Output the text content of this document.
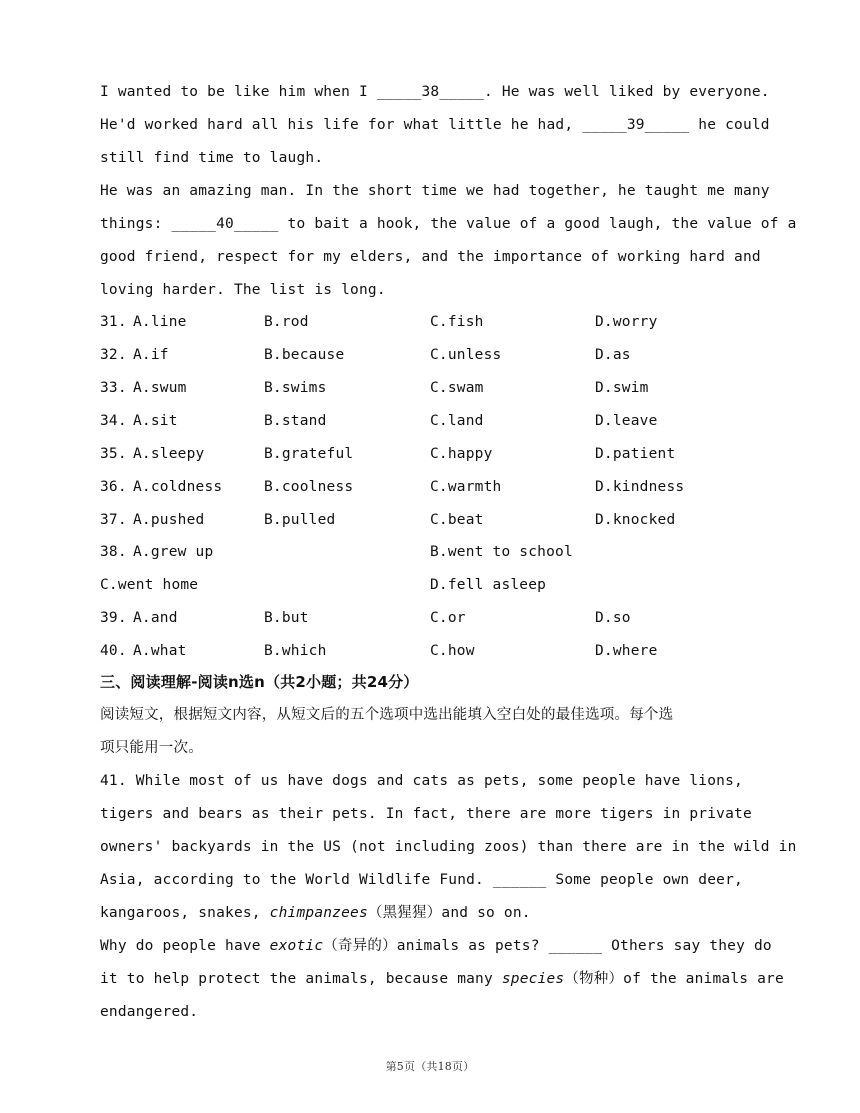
I wanted to be like him when I _____38_____. He was well liked by everyone.
He'd worked hard all his life for what little he had, _____39_____ he could
still find time to laugh.
He was an amazing man. In the short time we had together, he taught me many
things: _____40_____ to bait a hook, the value of a good laugh, the value of a
good friend, respect for my elders, and the importance of working hard and
loving harder. The list is long.
31. A.line	B.rod	C.fish	D.worry
32. A.if	B.because	C.unless	D.as
33. A.swum	B.swims	C.swam	D.swim
34. A.sit	B.stand	C.land	D.leave
35. A.sleepy	B.grateful	C.happy	D.patient
36. A.coldness	B.coolness	C.warmth	D.kindness
37. A.pushed	B.pulled	C.beat	D.knocked
38. A.grew up	B.went to school
C.went home	D.fell asleep
39. A.and	B.but	C.or	D.so
40. A.what	B.which	C.how	D.where
三、阅读理解-阅读n选n（共2小题；共24分）
阅读短文，根据短文内容，从短文后的五个选项中选出能填入空白处的最佳选项。每个选
项只能用一次。
41. While most of us have dogs and cats as pets, some people have lions,
tigers and bears as their pets. In fact, there are more tigers in private
owners' backyards in the US (not including zoos) than there are in the wild in
Asia, according to the World Wildlife Fund. ______ Some people own deer,
kangaroos, snakes, chimpanzees（黑猩猩）and so on.
Why do people have exotic（奇异的）animals as pets? ______ Others say they do
it to help protect the animals, because many species（物种）of the animals are
endangered.
第5页（共18页）
